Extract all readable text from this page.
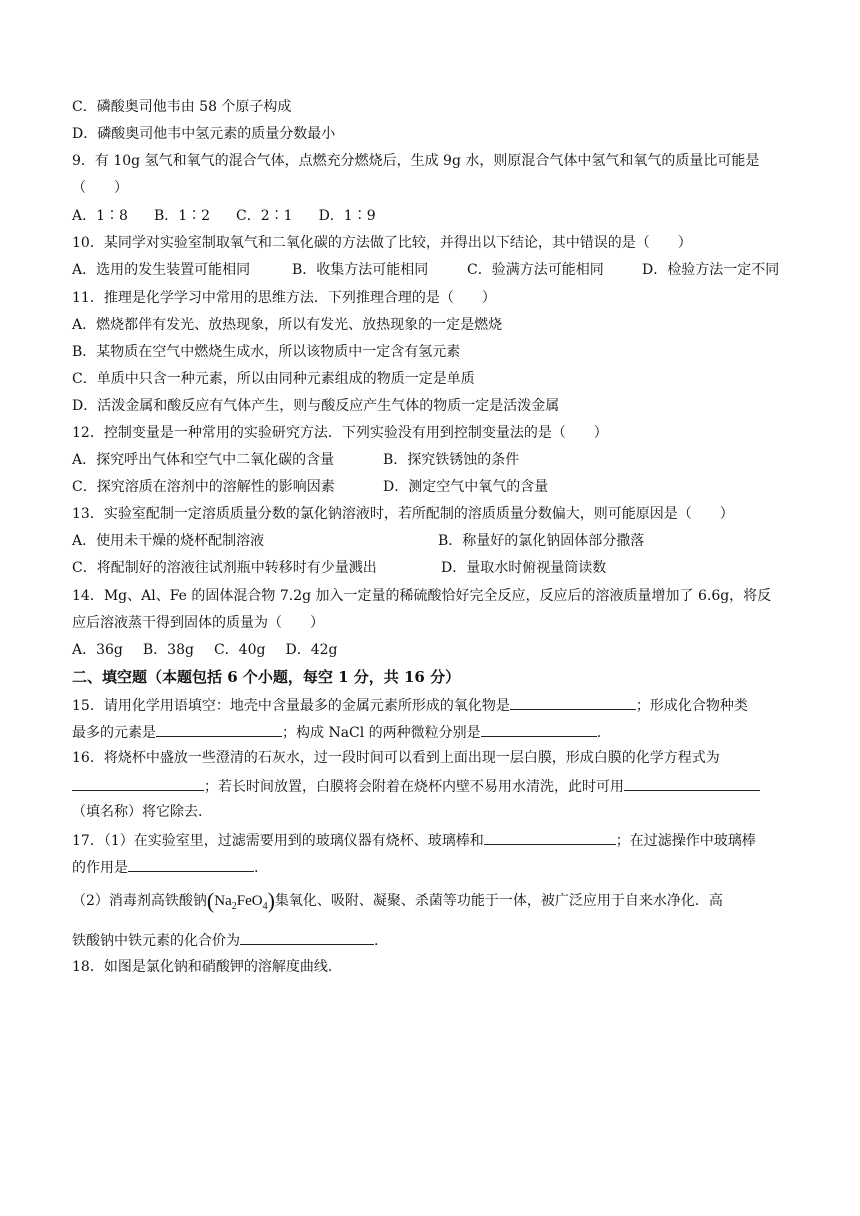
C．磷酸奥司他韦由 58 个原子构成
D．磷酸奥司他韦中氢元素的质量分数最小
9．有 10g 氢气和氧气的混合气体，点燃充分燃烧后，生成 9g 水，则原混合气体中氢气和氧气的质量比可能是
（　　）
A．1∶8 B．1∶2 C．2∶1 D．1∶9
10．某同学对实验室制取氧气和二氧化碳的方法做了比较，并得出以下结论，其中错误的是（　　）
A．选用的发生装置可能相同	B．收集方法可能相同	C．验满方法可能相同	D．检验方法一定不同
11．推理是化学学习中常用的思维方法．下列推理合理的是（　　）
A．燃烧都伴有发光、放热现象，所以有发光、放热现象的一定是燃烧
B．某物质在空气中燃烧生成水，所以该物质中一定含有氢元素
C．单质中只含一种元素，所以由同种元素组成的物质一定是单质
D．活泼金属和酸反应有气体产生，则与酸反应产生气体的物质一定是活泼金属
12．控制变量是一种常用的实验研究方法．下列实验没有用到控制变量法的是（　　）
A．探究呼出气体和空气中二氧化碳的含量	B．探究铁锈蚀的条件
C．探究溶质在溶剂中的溶解性的影响因素	D．测定空气中氧气的含量
13．实验室配制一定溶质质量分数的氯化钠溶液时，若所配制的溶质质量分数偏大，则可能原因是（　　）
A．使用未干燥的烧杯配制溶液	B．称量好的氯化钠固体部分撒落
C．将配制好的溶液往试剂瓶中转移时有少量溅出	D．量取水时俯视量筒读数
14．Mg、Al、Fe 的固体混合物 7.2g 加入一定量的稀硫酸恰好完全反应，反应后的溶液质量增加了 6.6g，将反
应后溶液蒸干得到固体的质量为（　　）
A．36g B．38g C．40g D．42g
二、填空题（本题包括 6 个小题，每空 1 分，共 16 分）
15．请用化学用语填空：地壳中含量最多的金属元素所形成的氧化物是	；形成化合物种类
最多的元素是	；构成 NaCl 的两种微粒分别是	.
16．将烧杯中盛放一些澄清的石灰水，过一段时间可以看到上面出现一层白膜，形成白膜的化学方程式为
；若长时间放置，白膜将会附着在烧杯内壁不易用水清洗，此时可用
（填名称）将它除去.
17．（1）在实验室里，过滤需要用到的玻璃仪器有烧杯、玻璃棒和	；在过滤操作中玻璃棒
的作用是	.
（2）消毒剂高铁酸钠$(Na_2FeO_4)$集氧化、吸附、凝聚、杀菌等功能于一体，被广泛应用于自来水净化．高
铁酸钠中铁元素的化合价为	.
18．如图是氯化钠和硝酸钾的溶解度曲线.
